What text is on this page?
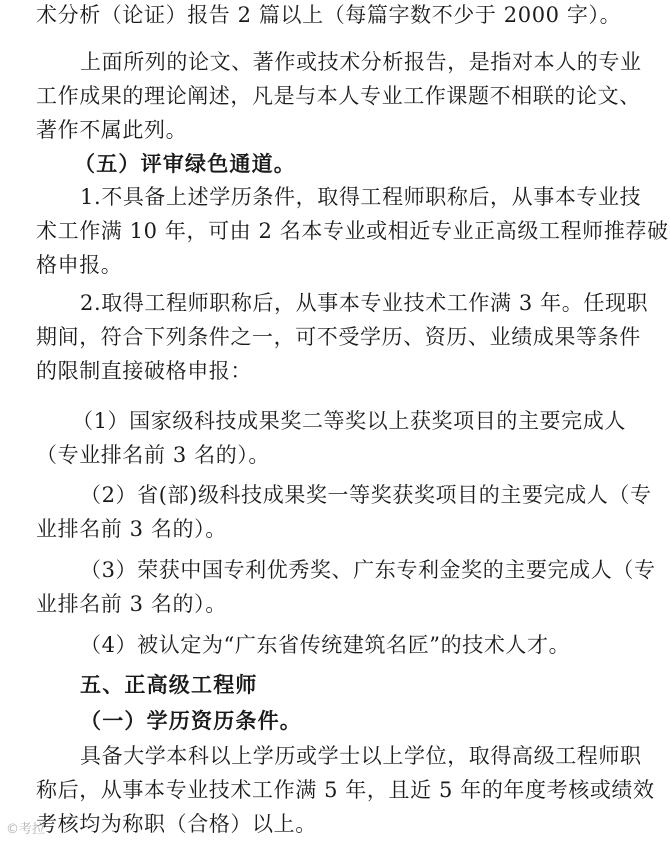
术分析（论证）报告 2 篇以上（每篇字数不少于 2000 字）。
上面所列的论文、著作或技术分析报告，是指对本人的专业
工作成果的理论阐述，凡是与本人专业工作课题不相联的论文、
著作不属此列。
（五）评审绿色通道。
1.不具备上述学历条件，取得工程师职称后，从事本专业技
术工作满 10 年，可由 2 名本专业或相近专业正高级工程师推荐破
格申报。
2.取得工程师职称后，从事本专业技术工作满 3 年。任现职
期间，符合下列条件之一，可不受学历、资历、业绩成果等条件
的限制直接破格申报：
（1）国家级科技成果奖二等奖以上获奖项目的主要完成人
（专业排名前 3 名的）。
（2）省(部)级科技成果奖一等奖获奖项目的主要完成人（专
业排名前 3 名的）。
（3）荣获中国专利优秀奖、广东专利金奖的主要完成人（专
业排名前 3 名的）。
（4）被认定为“广东省传统建筑名匠”的技术人才。
五、正高级工程师
（一）学历资历条件。
具备大学本科以上学历或学士以上学位，取得高级工程师职
称后，从事本专业技术工作满 5 年，且近 5 年的年度考核或绩效
考核均为称职（合格）以上。
©考拉
